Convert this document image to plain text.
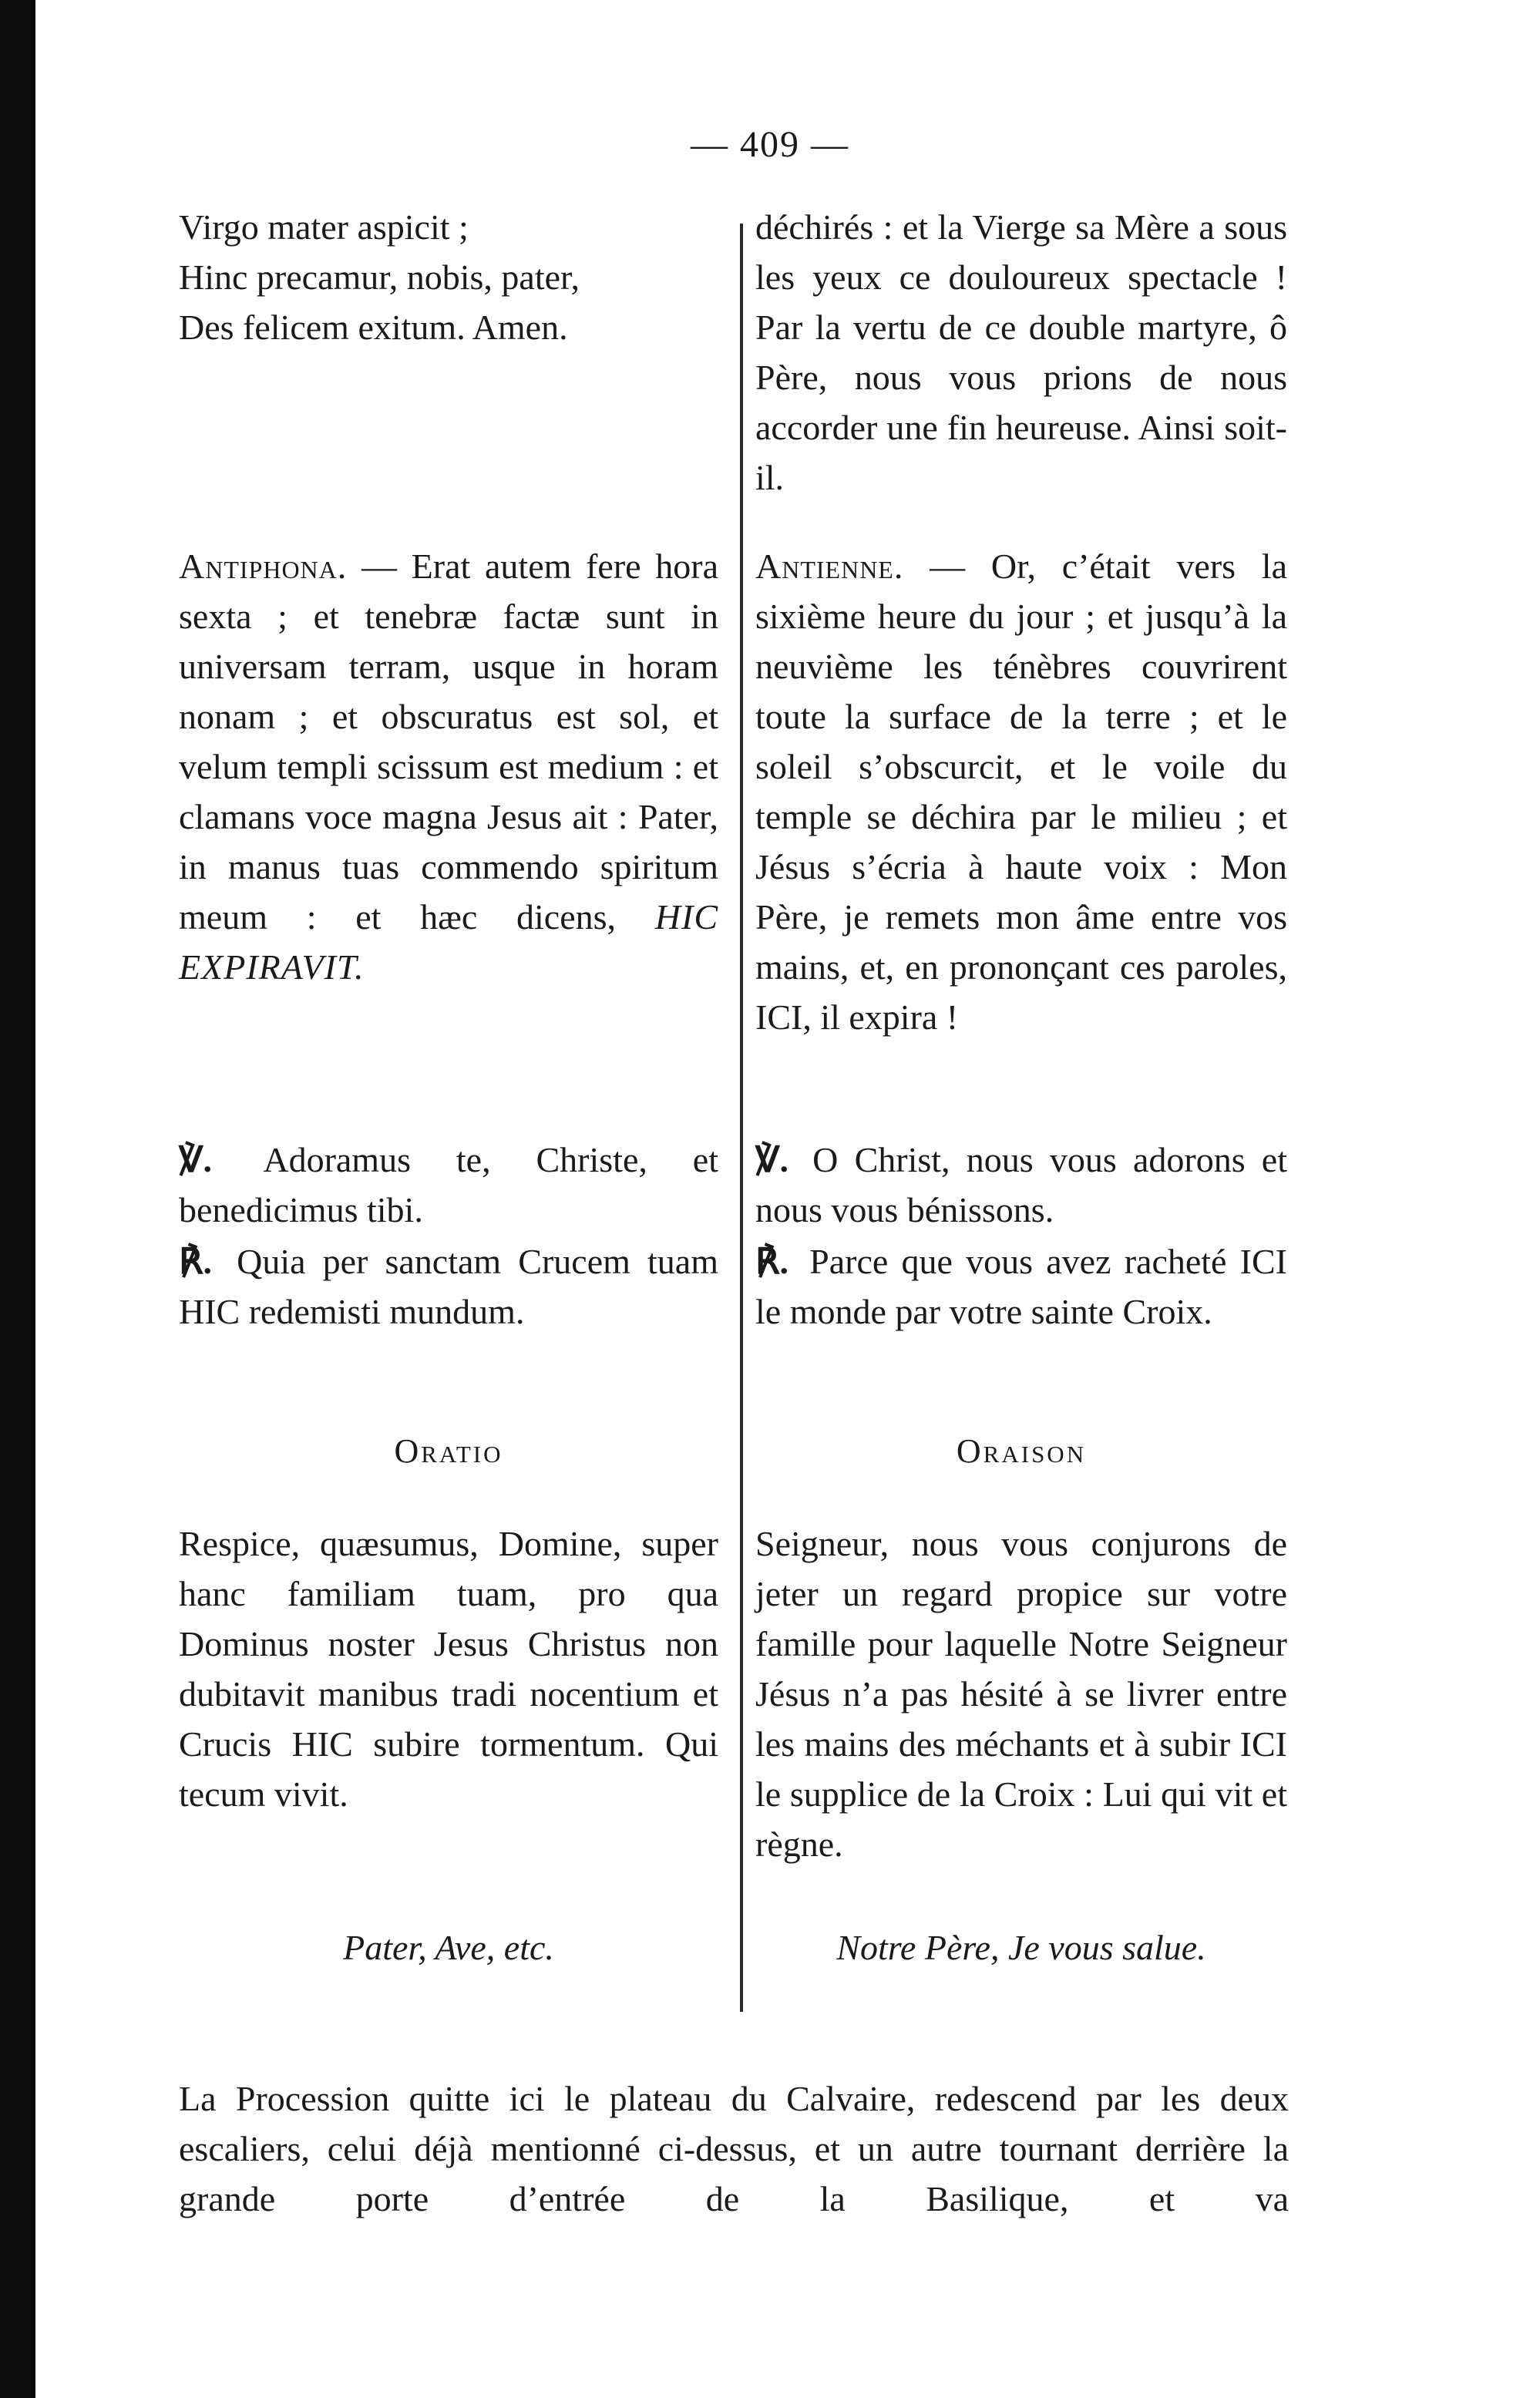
— 409 —
Virgo mater aspicit ;
Hinc precamur, nobis, pater,
Des felicem exitum. Amen.
Antiphona. — Erat autem fere hora sexta ; et tenebræ factæ sunt in universam terram, usque in horam nonam ; et obscuratus est sol, et velum templi scissum est medium : et clamans voce magna Jesus ait : Pater, in manus tuas commendo spiritum meum : et hæc dicens, HIC EXPIRAVIT.
℣. Adoramus te, Christe, et benedicimus tibi.
℟. Quia per sanctam Crucem tuam HIC redemisti mundum.
Oratio
Respice, quæsumus, Domine, super hanc familiam tuam, pro qua Dominus noster Jesus Christus non dubitavit manibus tradi nocentium et Crucis HIC subire tormentum. Qui tecum vivit.
Pater, Ave, etc.
déchirés : et la Vierge sa Mère a sous les yeux ce douloureux spectacle ! Par la vertu de ce double martyre, ô Père, nous vous prions de nous accorder une fin heureuse. Ainsi soit-il.
Antienne. — Or, c’était vers la sixième heure du jour ; et jusqu’à la neuvième les ténèbres couvrirent toute la surface de la terre ; et le soleil s’obscurcit, et le voile du temple se déchira par le milieu ; et Jésus s’écria à haute voix : Mon Père, je remets mon âme entre vos mains, et, en prononçant ces paroles, ICI, il expira !
℣. O Christ, nous vous adorons et nous vous bénissons.
℟. Parce que vous avez racheté ICI le monde par votre sainte Croix.
Oraison
Seigneur, nous vous conjurons de jeter un regard propice sur votre famille pour laquelle Notre Seigneur Jésus n’a pas hésité à se livrer entre les mains des méchants et à subir ICI le supplice de la Croix : Lui qui vit et règne.
Notre Père, Je vous salue.
La Procession quitte ici le plateau du Calvaire, redescend par les deux escaliers, celui déjà mentionné ci-dessus, et un autre tournant derrière la grande porte d’entrée de la Basilique, et va
